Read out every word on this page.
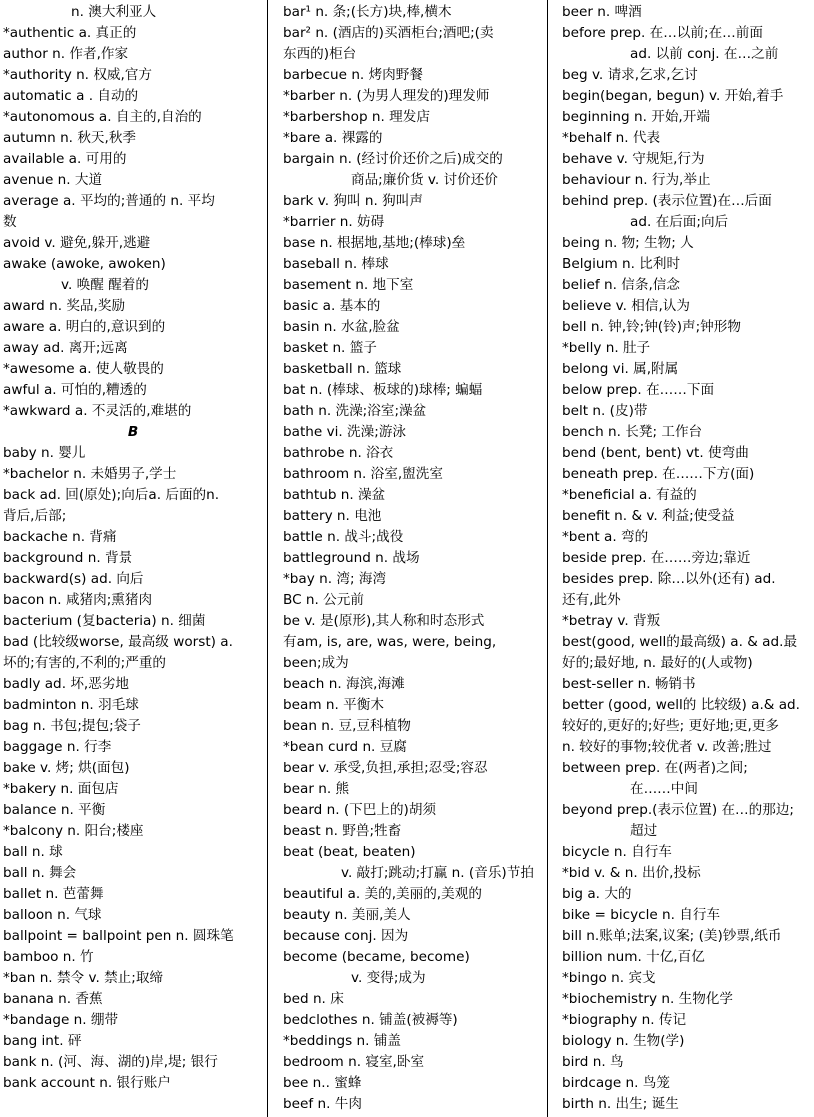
n. 澳大利亚人
*authentic a. 真正的
author n. 作者,作家
*authority n. 权威,官方
automatic a . 自动的
*autonomous a. 自主的,自治的
autumn n. 秋天,秋季
available a. 可用的
avenue n. 大道
average a. 平均的;普通的 n. 平均
数
avoid v. 避免,躲开,逃避
awake (awoke, awoken)
v. 唤醒 醒着的
award n. 奖品,奖励
aware a. 明白的,意识到的
away ad. 离开;远离
*awesome a. 使人敬畏的
awful a. 可怕的,糟透的
*awkward a. 不灵活的,难堪的
B
baby n. 婴儿
*bachelor n. 未婚男子,学士
back ad. 回(原处);向后a. 后面的n.
背后,后部;
backache n. 背痛
background n. 背景
backward(s) ad. 向后
bacon n. 咸猪肉;熏猪肉
bacterium (复bacteria) n. 细菌
bad (比较级worse, 最高级 worst) a.
坏的;有害的,不利的;严重的
badly ad. 坏,恶劣地
badminton n. 羽毛球
bag n. 书包;提包;袋子
baggage n. 行李
bake v. 烤; 烘(面包)
*bakery n. 面包店
balance n. 平衡
*balcony n. 阳台;楼座
ball n. 球
ball n. 舞会
ballet n. 芭蕾舞
balloon n. 气球
ballpoint = ballpoint pen n. 圆珠笔
bamboo n. 竹
*ban n. 禁令 v. 禁止;取缔
banana n. 香蕉
*bandage n. 绷带
bang int. 砰
bank n. (河、海、湖的)岸,堤; 银行
bank account n. 银行账户
bar¹ n. 条;(长方)块,棒,横木
bar² n. (酒店的)买酒柜台;酒吧;(卖
东西的)柜台
barbecue n. 烤肉野餐
*barber n. (为男人理发的)理发师
*barbershop n. 理发店
*bare a. 裸露的
bargain n. (经讨价还价之后)成交的
商品;廉价货 v. 讨价还价
bark v. 狗叫 n. 狗叫声
*barrier n. 妨碍
base n. 根据地,基地;(棒球)垒
baseball n. 棒球
basement n. 地下室
basic a. 基本的
basin n. 水盆,脸盆
basket n. 篮子
basketball n. 篮球
bat n. (棒球、板球的)球棒; 蝙蝠
bath n. 洗澡;浴室;澡盆
bathe vi. 洗澡;游泳
bathrobe n. 浴衣
bathroom n. 浴室,盥洗室
bathtub n. 澡盆
battery n. 电池
battle n. 战斗;战役
battleground n. 战场
*bay n. 湾; 海湾
BC n. 公元前
be v. 是(原形),其人称和时态形式
有am, is, are, was, were, being,
been;成为
beach n. 海滨,海滩
beam n. 平衡木
bean n. 豆,豆科植物
*bean curd n. 豆腐
bear v. 承受,负担,承担;忍受;容忍
bear n. 熊
beard n. (下巴上的)胡须
beast n. 野兽;牲畜
beat (beat, beaten)
v. 敲打;跳动;打赢 n. (音乐)节拍
beautiful a. 美的,美丽的,美观的
beauty n. 美丽,美人
because conj. 因为
become (became, become)
v. 变得;成为
bed n. 床
bedclothes n. 铺盖(被褥等)
*beddings n. 铺盖
bedroom n. 寝室,卧室
bee n.. 蜜蜂
beef n. 牛肉
beer n. 啤酒
before prep. 在…以前;在…前面
ad. 以前 conj. 在…之前
beg v. 请求,乞求,乞讨
begin(began, begun) v. 开始,着手
beginning n. 开始,开端
*behalf n. 代表
behave v. 守规矩,行为
behaviour n. 行为,举止
behind prep. (表示位置)在…后面
ad. 在后面;向后
being n. 物; 生物; 人
Belgium n. 比利时
belief n. 信条,信念
believe v. 相信,认为
bell n. 钟,铃;钟(铃)声;钟形物
*belly n. 肚子
belong vi. 属,附属
below prep. 在……下面
belt n. (皮)带
bench n. 长凳; 工作台
bend (bent, bent) vt. 使弯曲
beneath prep. 在……下方(面)
*beneficial a. 有益的
benefit n. & v. 利益;使受益
*bent a. 弯的
beside prep. 在……旁边;靠近
besides prep. 除…以外(还有) ad.
还有,此外
*betray v. 背叛
best(good, well的最高级) a. & ad.最
好的;最好地, n. 最好的(人或物)
best-seller n. 畅销书
better (good, well的 比较级) a.& ad.
较好的,更好的;好些; 更好地;更,更多
n. 较好的事物;较优者 v. 改善;胜过
between prep. 在(两者)之间;
在……中间
beyond prep.(表示位置) 在…的那边;
超过
bicycle n. 自行车
*bid v. & n. 出价,投标
big a. 大的
bike = bicycle n. 自行车
bill n.账单;法案,议案; (美)钞票,纸币
billion num. 十亿,百亿
*bingo n. 宾戈
*biochemistry n. 生物化学
*biography n. 传记
biology n. 生物(学)
bird n. 鸟
birdcage n. 鸟笼
birth n. 出生; 诞生
